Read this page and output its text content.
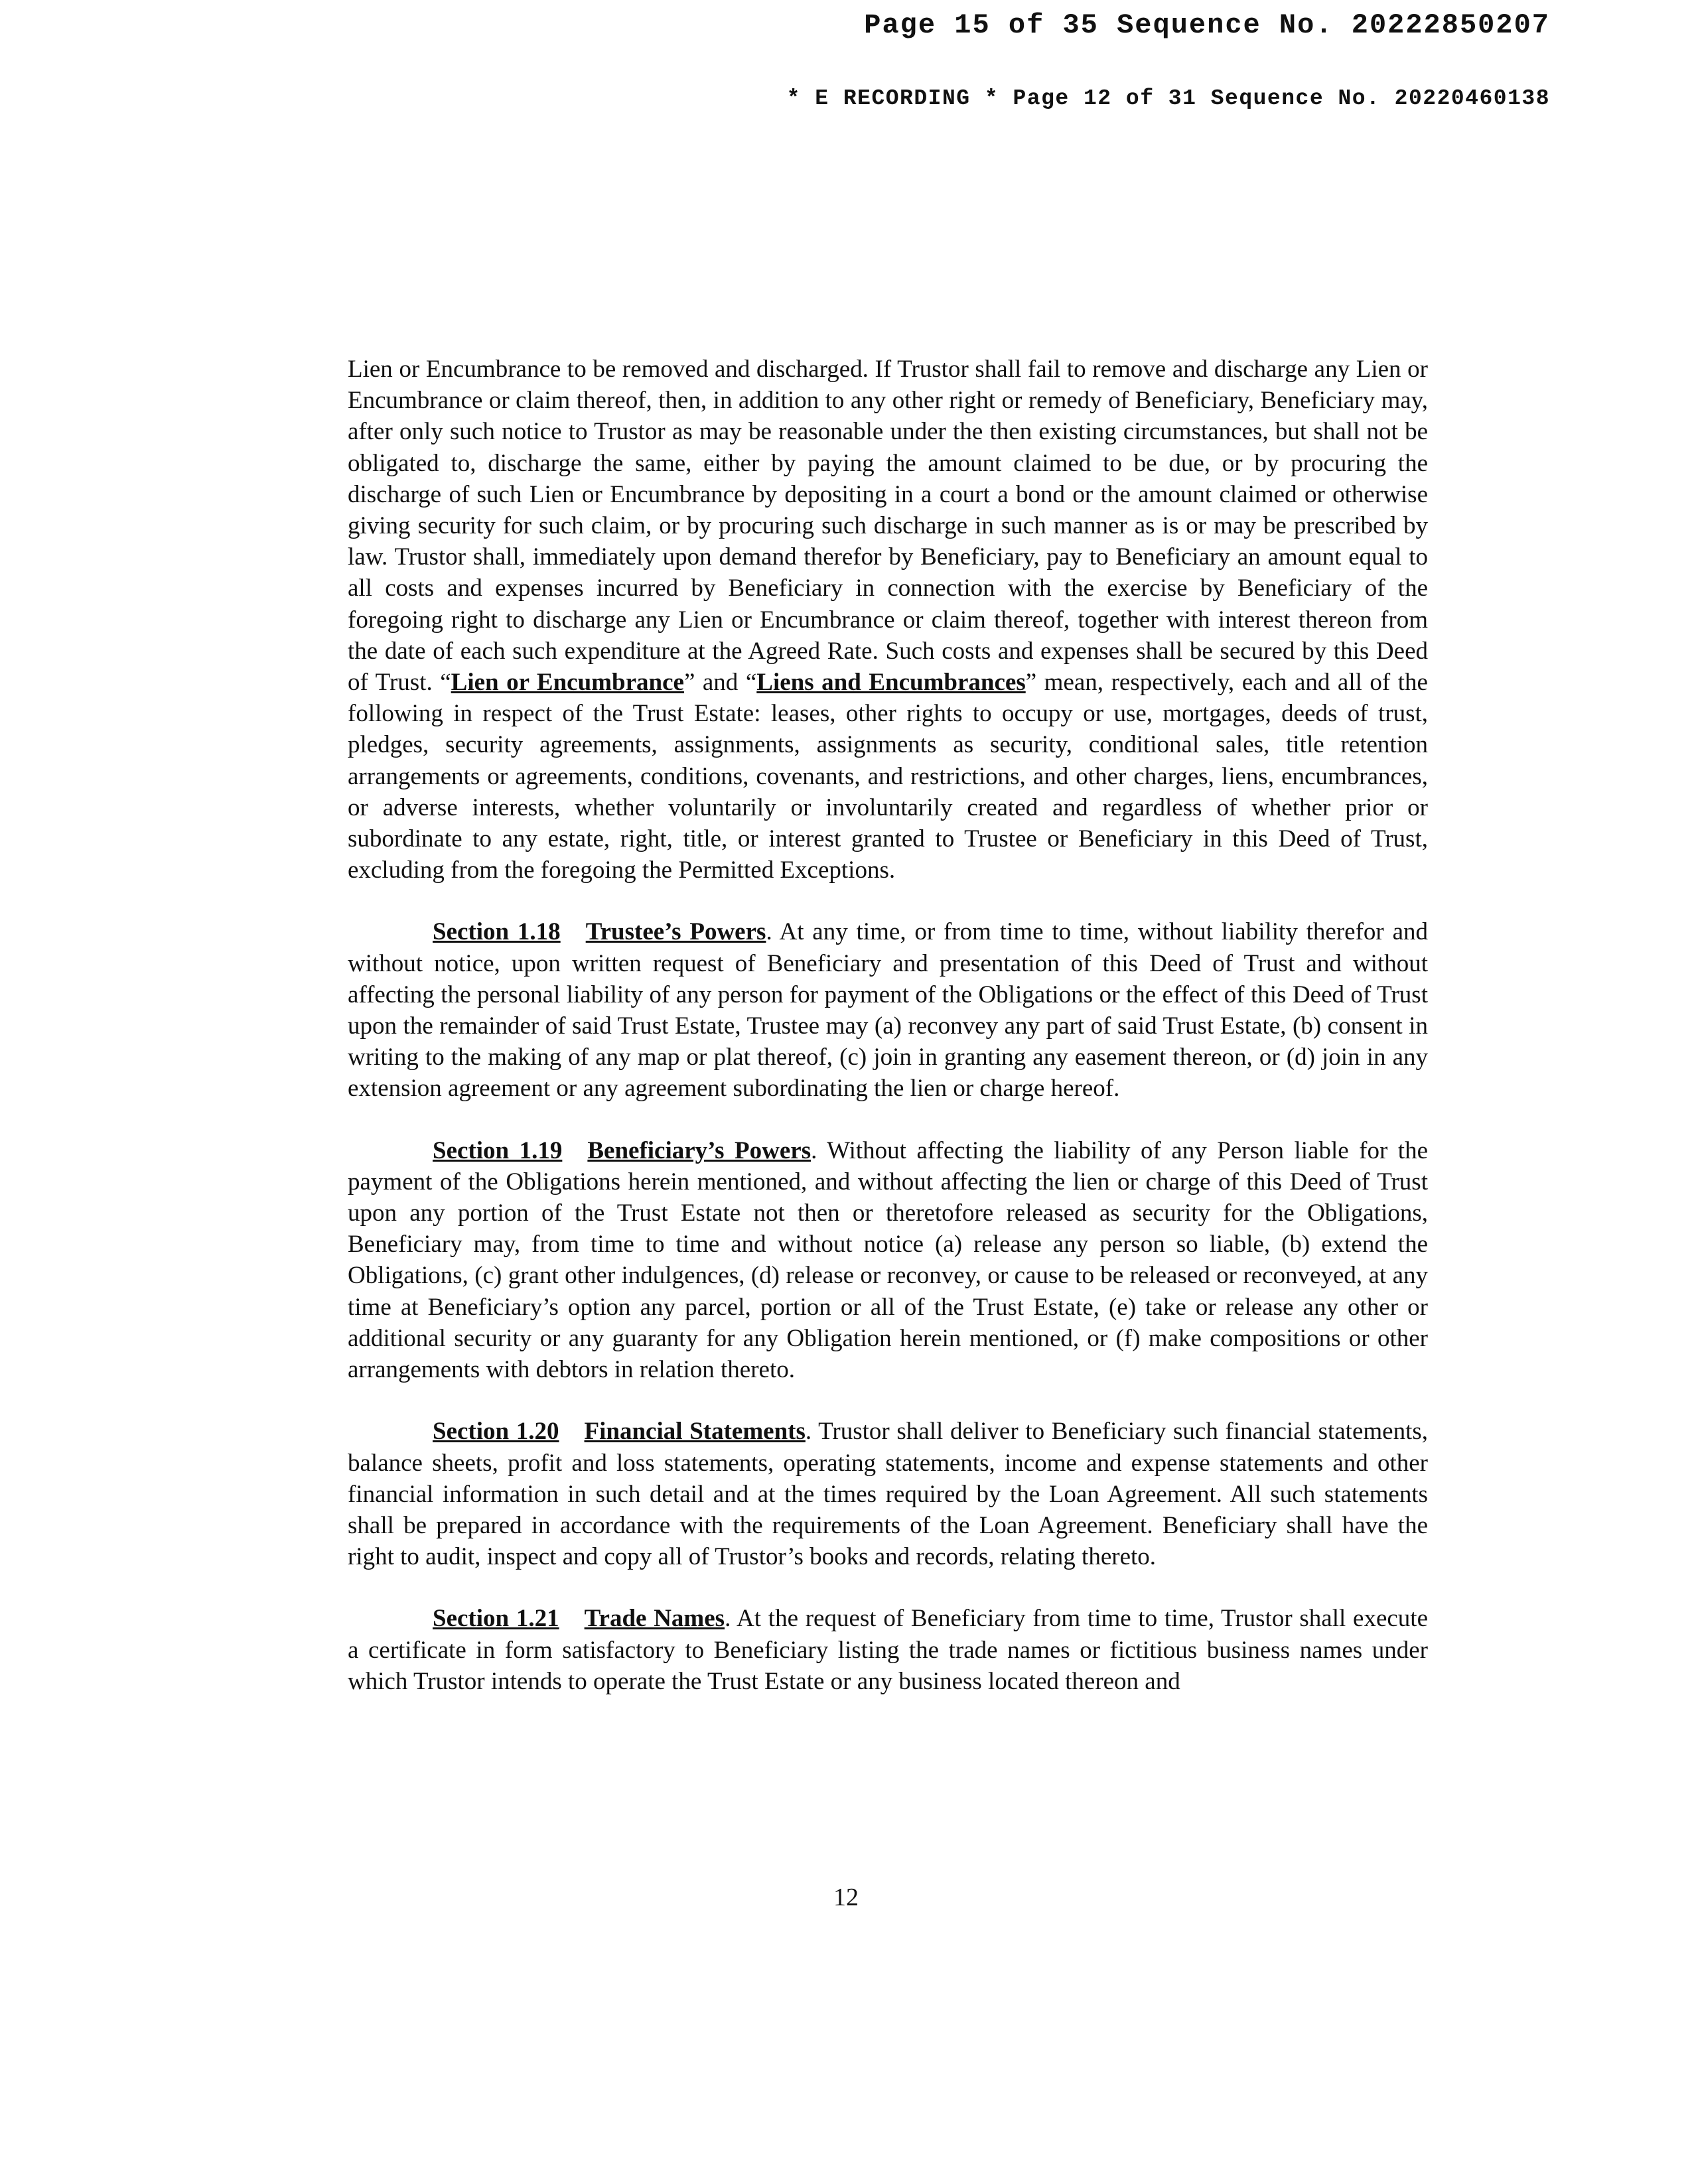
Page 15 of 35 Sequence No. 20222850207
* E RECORDING * Page 12 of 31 Sequence No. 20220460138

Lien or Encumbrance to be removed and discharged. If Trustor shall fail to remove and discharge any Lien or Encumbrance or claim thereof, then, in addition to any other right or remedy of Beneficiary, Beneficiary may, after only such notice to Trustor as may be reasonable under the then existing circumstances, but shall not be obligated to, discharge the same, either by paying the amount claimed to be due, or by procuring the discharge of such Lien or Encumbrance by depositing in a court a bond or the amount claimed or otherwise giving security for such claim, or by procuring such discharge in such manner as is or may be prescribed by law. Trustor shall, immediately upon demand therefor by Beneficiary, pay to Beneficiary an amount equal to all costs and expenses incurred by Beneficiary in connection with the exercise by Beneficiary of the foregoing right to discharge any Lien or Encumbrance or claim thereof, together with interest thereon from the date of each such expenditure at the Agreed Rate. Such costs and expenses shall be secured by this Deed of Trust. “Lien or Encumbrance” and “Liens and Encumbrances” mean, respectively, each and all of the following in respect of the Trust Estate: leases, other rights to occupy or use, mortgages, deeds of trust, pledges, security agreements, assignments, assignments as security, conditional sales, title retention arrangements or agreements, conditions, covenants, and restrictions, and other charges, liens, encumbrances, or adverse interests, whether voluntarily or involuntarily created and regardless of whether prior or subordinate to any estate, right, title, or interest granted to Trustee or Beneficiary in this Deed of Trust, excluding from the foregoing the Permitted Exceptions.

Section 1.18 Trustee’s Powers. At any time, or from time to time, without liability therefor and without notice, upon written request of Beneficiary and presentation of this Deed of Trust and without affecting the personal liability of any person for payment of the Obligations or the effect of this Deed of Trust upon the remainder of said Trust Estate, Trustee may (a) reconvey any part of said Trust Estate, (b) consent in writing to the making of any map or plat thereof, (c) join in granting any easement thereon, or (d) join in any extension agreement or any agreement subordinating the lien or charge hereof.

Section 1.19 Beneficiary’s Powers. Without affecting the liability of any Person liable for the payment of the Obligations herein mentioned, and without affecting the lien or charge of this Deed of Trust upon any portion of the Trust Estate not then or theretofore released as security for the Obligations, Beneficiary may, from time to time and without notice (a) release any person so liable, (b) extend the Obligations, (c) grant other indulgences, (d) release or reconvey, or cause to be released or reconveyed, at any time at Beneficiary’s option any parcel, portion or all of the Trust Estate, (e) take or release any other or additional security or any guaranty for any Obligation herein mentioned, or (f) make compositions or other arrangements with debtors in relation thereto.

Section 1.20 Financial Statements. Trustor shall deliver to Beneficiary such financial statements, balance sheets, profit and loss statements, operating statements, income and expense statements and other financial information in such detail and at the times required by the Loan Agreement. All such statements shall be prepared in accordance with the requirements of the Loan Agreement. Beneficiary shall have the right to audit, inspect and copy all of Trustor’s books and records, relating thereto.

Section 1.21 Trade Names. At the request of Beneficiary from time to time, Trustor shall execute a certificate in form satisfactory to Beneficiary listing the trade names or fictitious business names under which Trustor intends to operate the Trust Estate or any business located thereon and

12
